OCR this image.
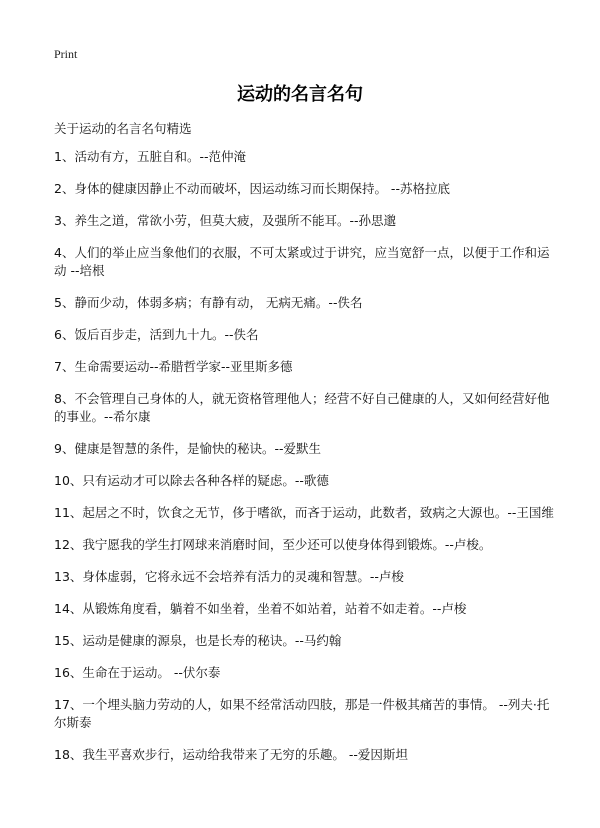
Print
运动的名言名句
关于运动的名言名句精选
1、活动有方，五脏自和。--范仲淹
2、身体的健康因静止不动而破坏，因运动练习而长期保持。 --苏格拉底
3、养生之道，常欲小劳，但莫大疲，及强所不能耳。--孙思邈
4、人们的举止应当象他们的衣服，不可太紧或过于讲究，应当宽舒一点，以便于工作和运动 --培根
5、静而少动，体弱多病；有静有动， 无病无痛。--佚名
6、饭后百步走，活到九十九。--佚名
7、生命需要运动--希腊哲学家--亚里斯多德
8、不会管理自己身体的人，就无资格管理他人；经营不好自己健康的人，又如何经营好他的事业。--希尔康
9、健康是智慧的条件，是愉快的秘诀。--爱默生
10、只有运动才可以除去各种各样的疑虑。--歌德
11、起居之不时，饮食之无节，侈于嗜欲，而吝于运动，此数者，致病之大源也。--王国维
12、我宁愿我的学生打网球来消磨时间，至少还可以使身体得到锻炼。--卢梭。
13、身体虚弱，它将永远不会培养有活力的灵魂和智慧。--卢梭
14、从锻炼角度看，躺着不如坐着，坐着不如站着，站着不如走着。--卢梭
15、运动是健康的源泉，也是长寿的秘诀。--马约翰
16、生命在于运动。 --伏尔泰
17、一个埋头脑力劳动的人，如果不经常活动四肢，那是一件极其痛苦的事情。 --列夫·托尔斯泰
18、我生平喜欢步行，运动给我带来了无穷的乐趣。 --爱因斯坦
